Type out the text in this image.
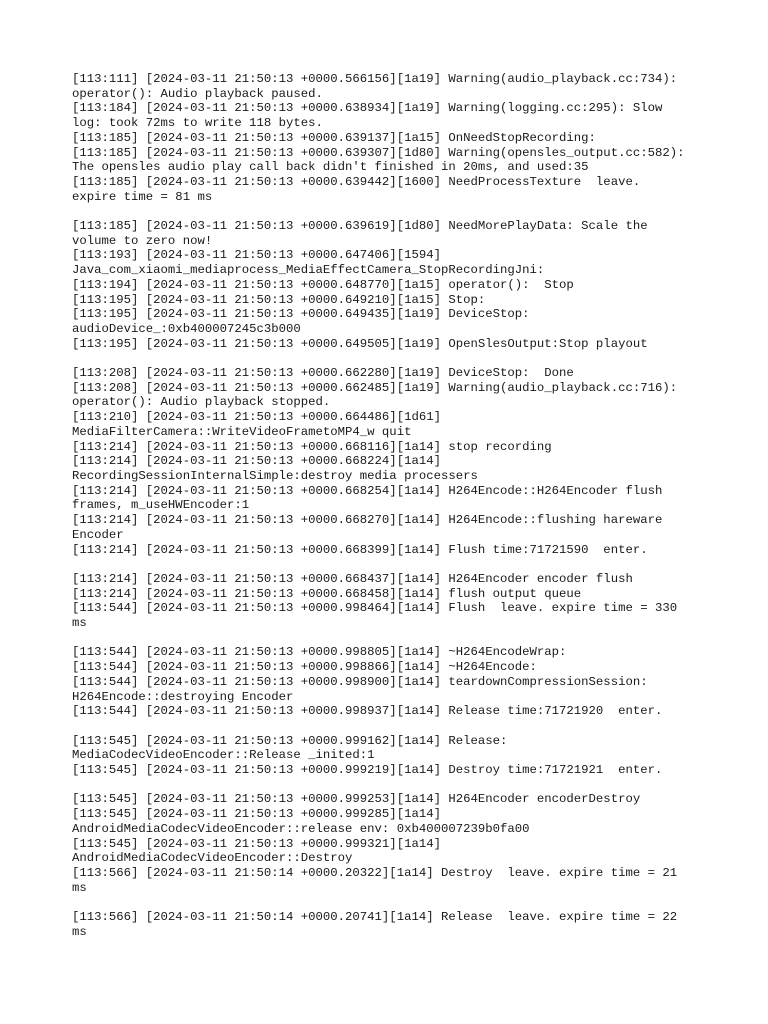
[113:111] [2024-03-11 21:50:13 +0000.566156][1a19] Warning(audio_playback.cc:734):
operator(): Audio playback paused.
[113:184] [2024-03-11 21:50:13 +0000.638934][1a19] Warning(logging.cc:295): Slow
log: took 72ms to write 118 bytes.
[113:185] [2024-03-11 21:50:13 +0000.639137][1a15] OnNeedStopRecording:
[113:185] [2024-03-11 21:50:13 +0000.639307][1d80] Warning(opensles_output.cc:582):
The opensles audio play call back didn't finished in 20ms, and used:35
[113:185] [2024-03-11 21:50:13 +0000.639442][1600] NeedProcessTexture  leave.
expire time = 81 ms

[113:185] [2024-03-11 21:50:13 +0000.639619][1d80] NeedMorePlayData: Scale the
volume to zero now!
[113:193] [2024-03-11 21:50:13 +0000.647406][1594]
Java_com_xiaomi_mediaprocess_MediaEffectCamera_StopRecordingJni:
[113:194] [2024-03-11 21:50:13 +0000.648770][1a15] operator():  Stop
[113:195] [2024-03-11 21:50:13 +0000.649210][1a15] Stop:
[113:195] [2024-03-11 21:50:13 +0000.649435][1a19] DeviceStop:
audioDevice_:0xb400007245c3b000
[113:195] [2024-03-11 21:50:13 +0000.649505][1a19] OpenSlesOutput:Stop playout

[113:208] [2024-03-11 21:50:13 +0000.662280][1a19] DeviceStop:  Done
[113:208] [2024-03-11 21:50:13 +0000.662485][1a19] Warning(audio_playback.cc:716):
operator(): Audio playback stopped.
[113:210] [2024-03-11 21:50:13 +0000.664486][1d61]
MediaFilterCamera::WriteVideoFrametoMP4_w quit
[113:214] [2024-03-11 21:50:13 +0000.668116][1a14] stop recording
[113:214] [2024-03-11 21:50:13 +0000.668224][1a14]
RecordingSessionInternalSimple:destroy media processers
[113:214] [2024-03-11 21:50:13 +0000.668254][1a14] H264Encode::H264Encoder flush
frames, m_useHWEncoder:1
[113:214] [2024-03-11 21:50:13 +0000.668270][1a14] H264Encode::flushing hareware
Encoder
[113:214] [2024-03-11 21:50:13 +0000.668399][1a14] Flush time:71721590  enter.

[113:214] [2024-03-11 21:50:13 +0000.668437][1a14] H264Encoder encoder flush
[113:214] [2024-03-11 21:50:13 +0000.668458][1a14] flush output queue
[113:544] [2024-03-11 21:50:13 +0000.998464][1a14] Flush  leave. expire time = 330
ms

[113:544] [2024-03-11 21:50:13 +0000.998805][1a14] ~H264EncodeWrap:
[113:544] [2024-03-11 21:50:13 +0000.998866][1a14] ~H264Encode:
[113:544] [2024-03-11 21:50:13 +0000.998900][1a14] teardownCompressionSession:
H264Encode::destroying Encoder
[113:544] [2024-03-11 21:50:13 +0000.998937][1a14] Release time:71721920  enter.

[113:545] [2024-03-11 21:50:13 +0000.999162][1a14] Release:
MediaCodecVideoEncoder::Release _inited:1
[113:545] [2024-03-11 21:50:13 +0000.999219][1a14] Destroy time:71721921  enter.

[113:545] [2024-03-11 21:50:13 +0000.999253][1a14] H264Encoder encoderDestroy
[113:545] [2024-03-11 21:50:13 +0000.999285][1a14]
AndroidMediaCodecVideoEncoder::release env: 0xb400007239b0fa00
[113:545] [2024-03-11 21:50:13 +0000.999321][1a14]
AndroidMediaCodecVideoEncoder::Destroy
[113:566] [2024-03-11 21:50:14 +0000.20322][1a14] Destroy  leave. expire time = 21
ms

[113:566] [2024-03-11 21:50:14 +0000.20741][1a14] Release  leave. expire time = 22
ms
